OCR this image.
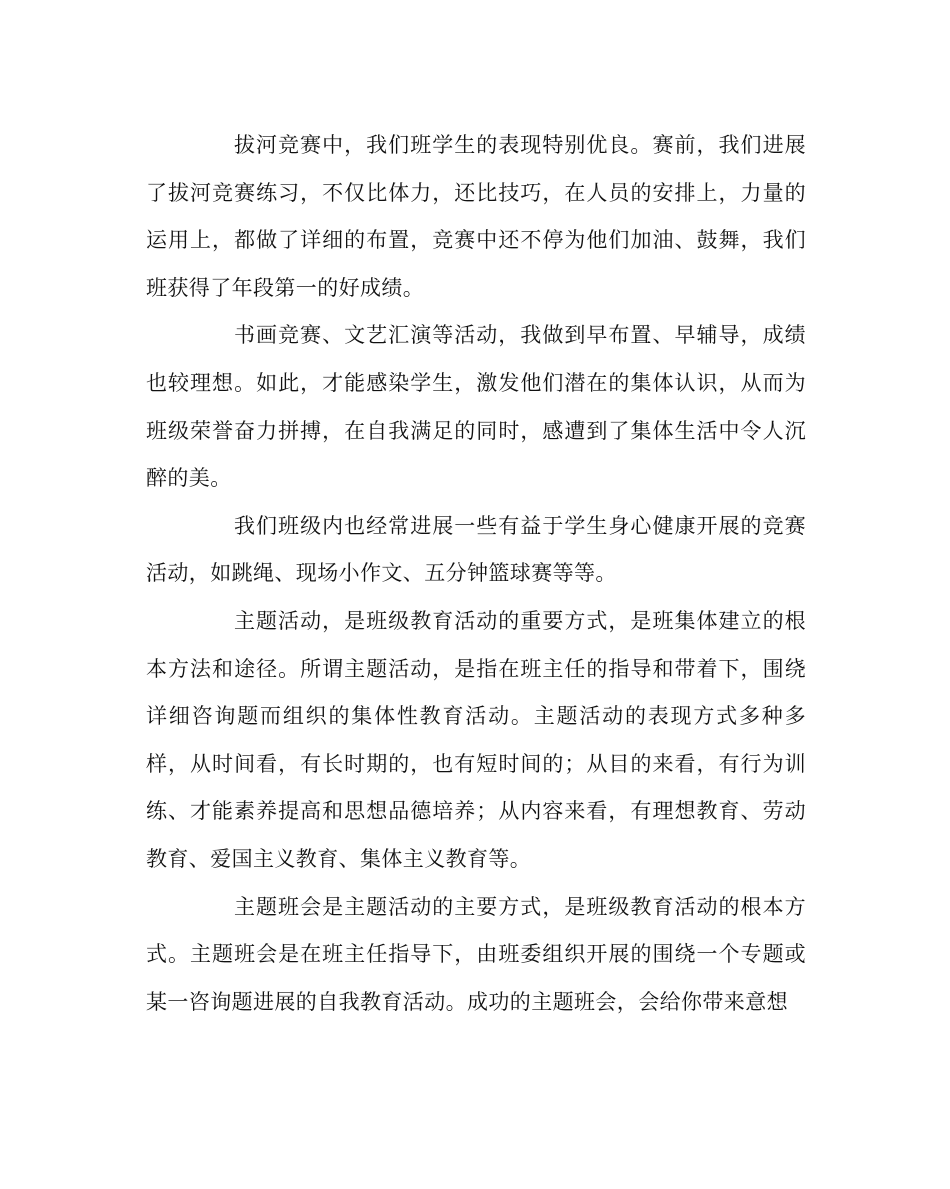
拔河竞赛中，我们班学生的表现特别优良。赛前，我们进展了拔河竞赛练习，不仅比体力，还比技巧，在人员的安排上，力量的运用上，都做了详细的布置，竞赛中还不停为他们加油、鼓舞，我们班获得了年段第一的好成绩。

书画竞赛、文艺汇演等活动，我做到早布置、早辅导，成绩也较理想。如此，才能感染学生，激发他们潜在的集体认识，从而为班级荣誉奋力拼搏，在自我满足的同时，感遭到了集体生活中令人沉醉的美。

我们班级内也经常进展一些有益于学生身心健康开展的竞赛活动，如跳绳、现场小作文、五分钟篮球赛等等。

主题活动，是班级教育活动的重要方式，是班集体建立的根本方法和途径。所谓主题活动，是指在班主任的指导和带着下，围绕详细咨询题而组织的集体性教育活动。主题活动的表现方式多种多样，从时间看，有长时期的，也有短时间的；从目的来看，有行为训练、才能素养提高和思想品德培养；从内容来看，有理想教育、劳动教育、爱国主义教育、集体主义教育等。

主题班会是主题活动的主要方式，是班级教育活动的根本方式。主题班会是在班主任指导下，由班委组织开展的围绕一个专题或某一咨询题进展的自我教育活动。成功的主题班会，会给你带来意想
